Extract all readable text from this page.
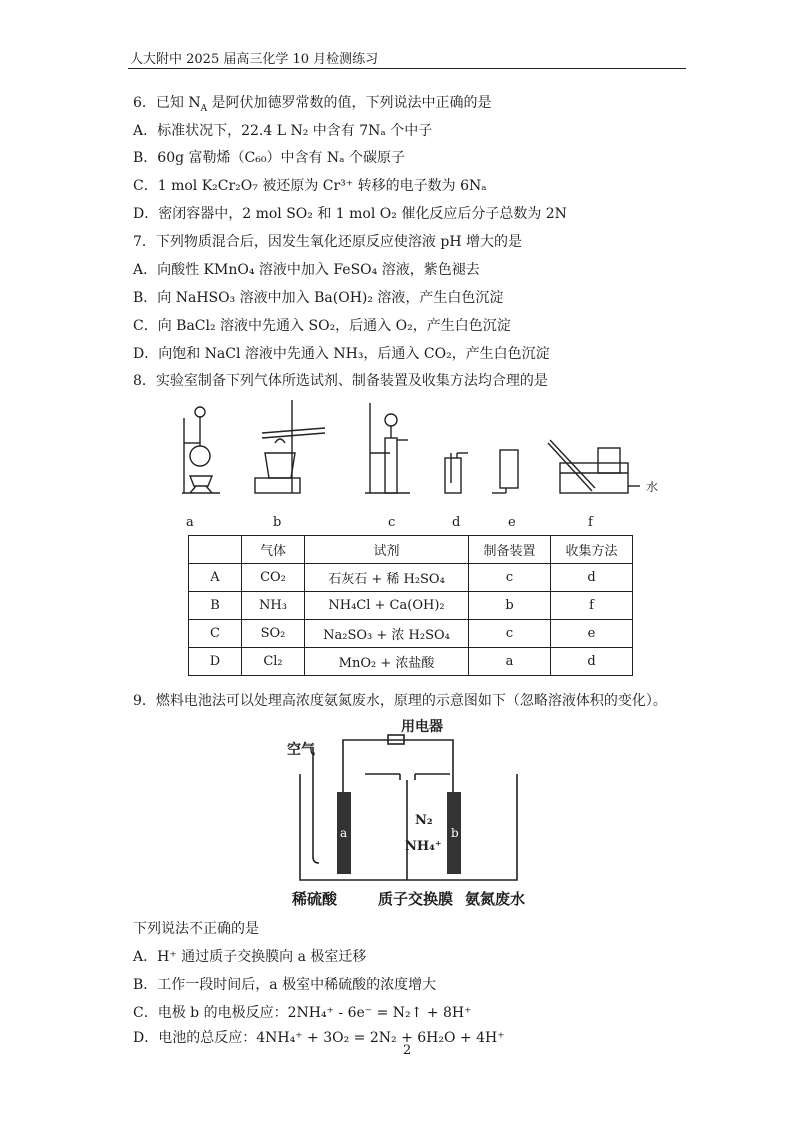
人大附中 2025 届高三化学 10 月检测练习
6．已知 $N_A$ 是阿伏加德罗常数的值，下列说法中正确的是
A．标准状况下，22.4 L N₂ 中含有 7Nₐ 个中子
B．60g 富勒烯（C₆₀）中含有 Nₐ 个碳原子
C．1 mol K₂Cr₂O₇ 被还原为 Cr³⁺ 转移的电子数为 6Nₐ
D．密闭容器中，2 mol SO₂ 和 1 mol O₂ 催化反应后分子总数为 2N
7．下列物质混合后，因发生氧化还原反应使溶液 pH 增大的是
A．向酸性 KMnO₄ 溶液中加入 FeSO₄ 溶液，紫色褪去
B．向 NaHSO₃ 溶液中加入 Ba(OH)₂ 溶液，产生白色沉淀
C．向 BaCl₂ 溶液中先通入 SO₂，后通入 O₂，产生白色沉淀
D．向饱和 NaCl 溶液中先通入 NH₃，后通入 CO₂，产生白色沉淀
8．实验室制备下列气体所选试剂、制备装置及收集方法均合理的是
水
a	b	c	d	e	f
	气体	试剂	制备装置	收集方法
A	CO₂	石灰石 + 稀 H₂SO₄	c	d
B	NH₃	NH₄Cl + Ca(OH)₂	b	f
C	SO₂	Na₂SO₃ + 浓 H₂SO₄	c	e
D	Cl₂	MnO₂ + 浓盐酸	a	d
9．燃料电池法可以处理高浓度氨氮废水，原理的示意图如下（忽略溶液体积的变化）。
用电器
空气
a	b
N₂
NH₄⁺
稀硫酸	质子交换膜 氨氮废水
下列说法不正确的是
A．H⁺ 通过质子交换膜向 a 极室迁移
B．工作一段时间后，a 极室中稀硫酸的浓度增大
C．电极 b 的电极反应：2NH₄⁺ - 6e⁻ = N₂↑ + 8H⁺
D．电池的总反应：4NH₄⁺ + 3O₂ = 2N₂ + 6H₂O + 4H⁺
2
